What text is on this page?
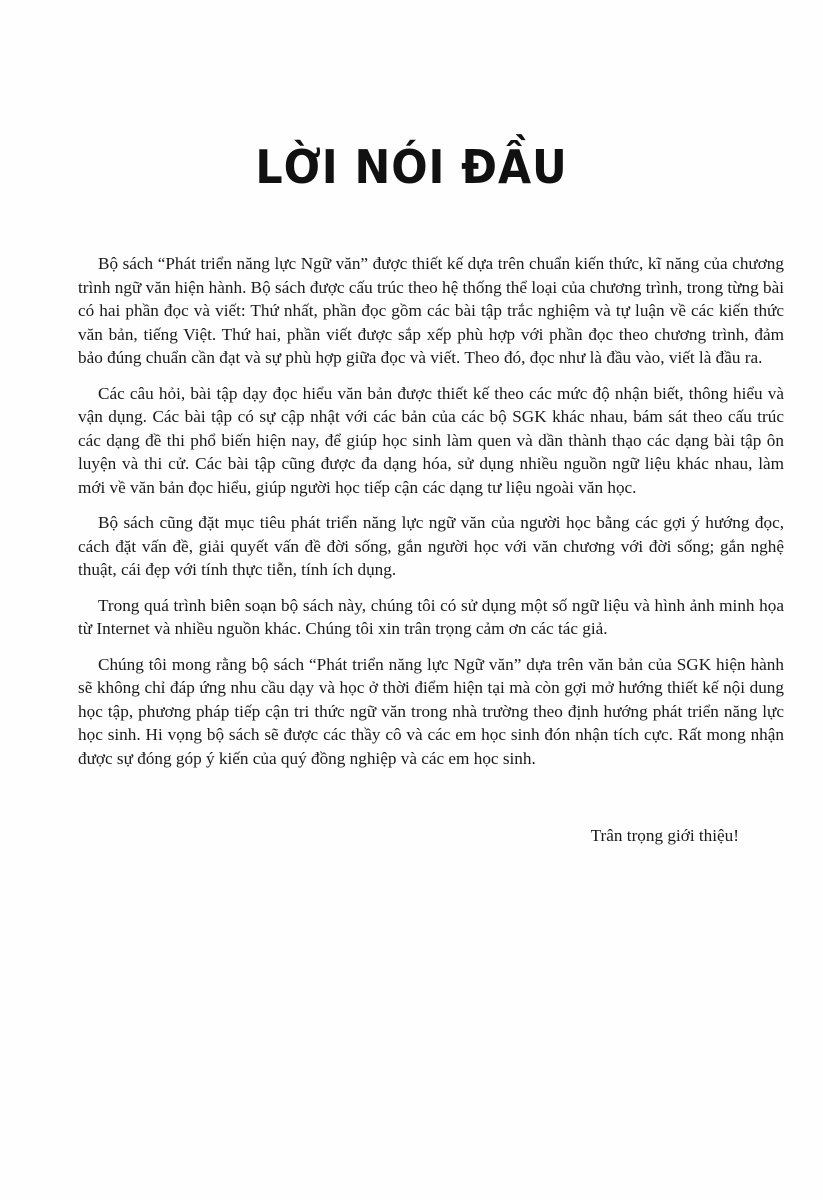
LỜI NÓI ĐẦU

Bộ sách “Phát triển năng lực Ngữ văn” được thiết kế dựa trên chuẩn kiến thức, kĩ năng của chương trình ngữ văn hiện hành. Bộ sách được cấu trúc theo hệ thống thể loại của chương trình, trong từng bài có hai phần đọc và viết: Thứ nhất, phần đọc gồm các bài tập trắc nghiệm và tự luận về các kiến thức văn bản, tiếng Việt. Thứ hai, phần viết được sắp xếp phù hợp với phần đọc theo chương trình, đảm bảo đúng chuẩn cần đạt và sự phù hợp giữa đọc và viết. Theo đó, đọc như là đầu vào, viết là đầu ra.

Các câu hỏi, bài tập dạy đọc hiểu văn bản được thiết kế theo các mức độ nhận biết, thông hiểu và vận dụng. Các bài tập có sự cập nhật với các bản của các bộ SGK khác nhau, bám sát theo cấu trúc các dạng đề thi phổ biến hiện nay, để giúp học sinh làm quen và dần thành thạo các dạng bài tập ôn luyện và thi cử. Các bài tập cũng được đa dạng hóa, sử dụng nhiều nguồn ngữ liệu khác nhau, làm mới về văn bản đọc hiểu, giúp người học tiếp cận các dạng tư liệu ngoài văn học.

Bộ sách cũng đặt mục tiêu phát triển năng lực ngữ văn của người học bằng các gợi ý hướng đọc, cách đặt vấn đề, giải quyết vấn đề đời sống, gắn người học với văn chương với đời sống; gắn nghệ thuật, cái đẹp với tính thực tiễn, tính ích dụng.

Trong quá trình biên soạn bộ sách này, chúng tôi có sử dụng một số ngữ liệu và hình ảnh minh họa từ Internet và nhiều nguồn khác. Chúng tôi xin trân trọng cảm ơn các tác giả.

Chúng tôi mong rằng bộ sách “Phát triển năng lực Ngữ văn” dựa trên văn bản của SGK hiện hành sẽ không chỉ đáp ứng nhu cầu dạy và học ở thời điểm hiện tại mà còn gợi mở hướng thiết kế nội dung học tập, phương pháp tiếp cận tri thức ngữ văn trong nhà trường theo định hướng phát triển năng lực học sinh. Hi vọng bộ sách sẽ được các thầy cô và các em học sinh đón nhận tích cực. Rất mong nhận được sự đóng góp ý kiến của quý đồng nghiệp và các em học sinh.

Trân trọng giới thiệu!
